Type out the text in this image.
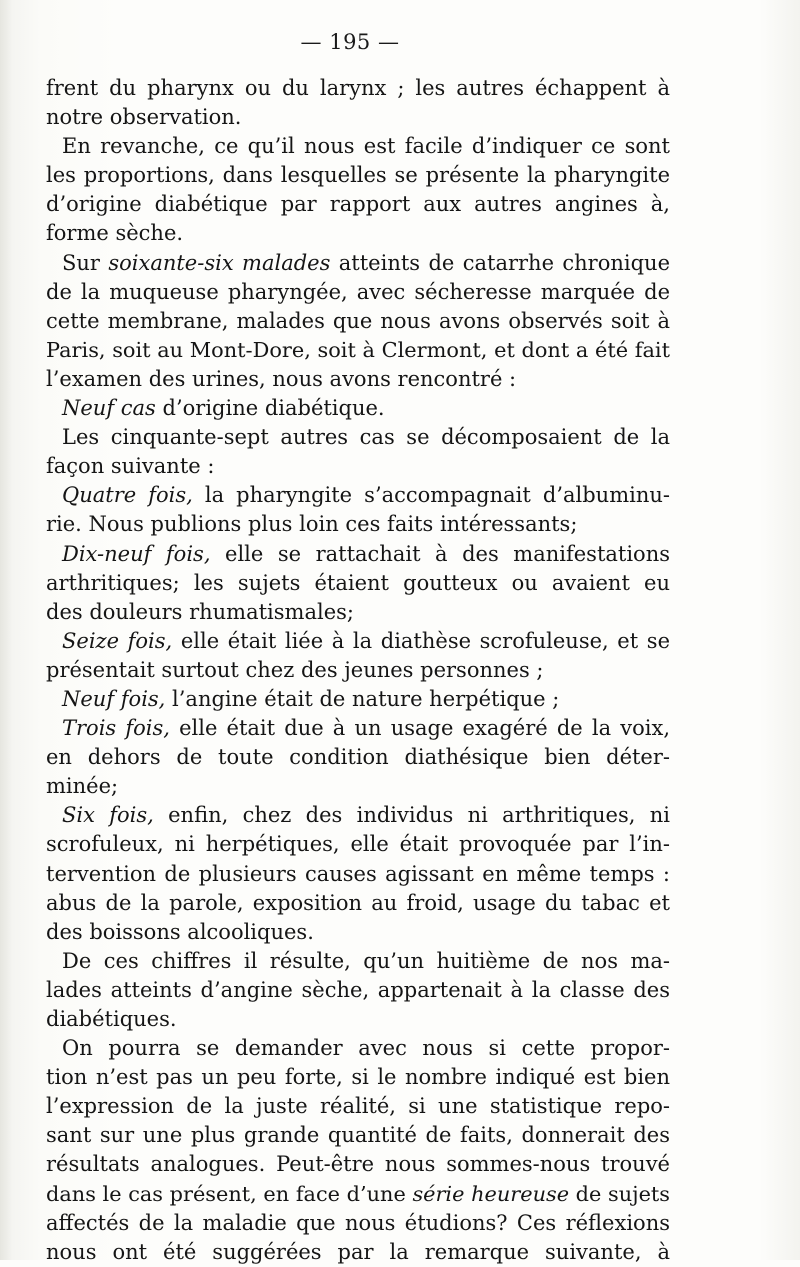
— 195 —
frent du pharynx ou du larynx ; les autres échappent à
notre observation.
En revanche, ce qu’il nous est facile d’indiquer ce sont
les proportions, dans lesquelles se présente la pharyngite
d’origine diabétique par rapport aux autres angines à,
forme sèche.
Sur soixante-six malades atteints de catarrhe chronique
de la muqueuse pharyngée, avec sécheresse marquée de
cette membrane, malades que nous avons observés soit à
Paris, soit au Mont-Dore, soit à Clermont, et dont a été fait
l’examen des urines, nous avons rencontré :
Neuf cas d’origine diabétique.
Les cinquante-sept autres cas se décomposaient de la
façon suivante :
Quatre fois, la pharyngite s’accompagnait d’albuminu-
rie. Nous publions plus loin ces faits intéressants;
Dix-neuf fois, elle se rattachait à des manifestations
arthritiques; les sujets étaient goutteux ou avaient eu
des douleurs rhumatismales;
Seize fois, elle était liée à la diathèse scrofuleuse, et se
présentait surtout chez des jeunes personnes ;
Neuf fois, l’angine était de nature herpétique ;
Trois fois, elle était due à un usage exagéré de la voix,
en dehors de toute condition diathésique bien déter-
minée;
Six fois, enfin, chez des individus ni arthritiques, ni
scrofuleux, ni herpétiques, elle était provoquée par l’in-
tervention de plusieurs causes agissant en même temps :
abus de la parole, exposition au froid, usage du tabac et
des boissons alcooliques.
De ces chiffres il résulte, qu’un huitième de nos ma-
lades atteints d’angine sèche, appartenait à la classe des
diabétiques.
On pourra se demander avec nous si cette propor-
tion n’est pas un peu forte, si le nombre indiqué est bien
l’expression de la juste réalité, si une statistique repo-
sant sur une plus grande quantité de faits, donnerait des
résultats analogues. Peut-être nous sommes-nous trouvé
dans le cas présent, en face d’une série heureuse de sujets
affectés de la maladie que nous étudions? Ces réflexions
nous ont été suggérées par la remarque suivante, à
